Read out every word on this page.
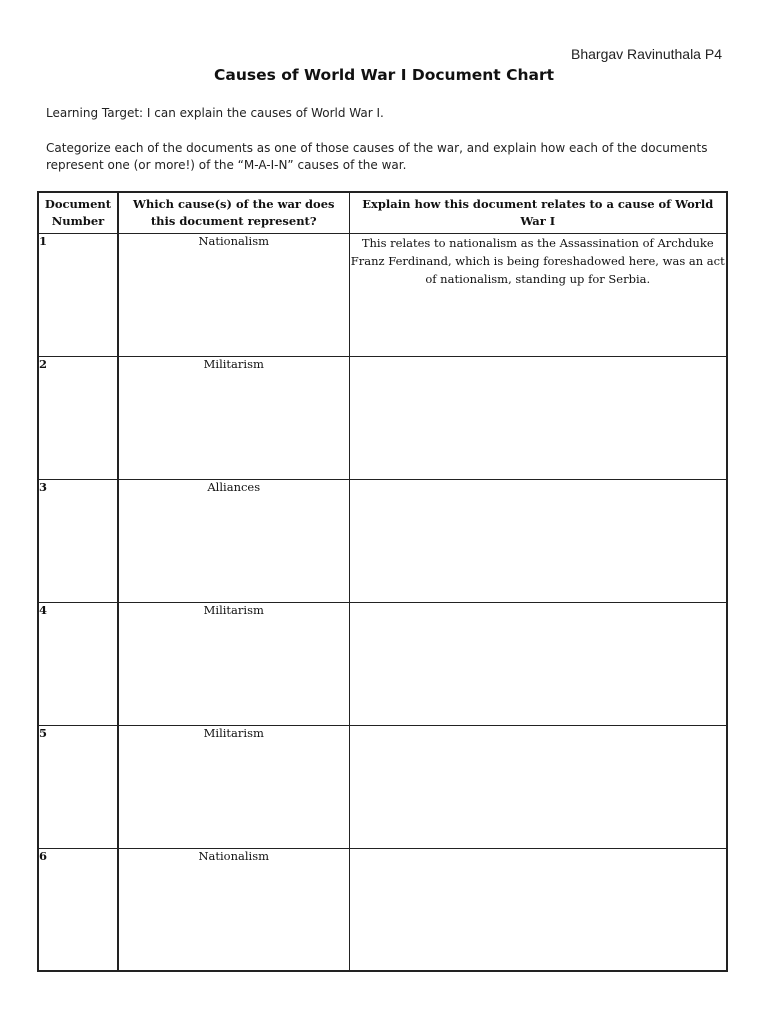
Bhargav Ravinuthala P4
Causes of World War I Document Chart
Learning Target: I can explain the causes of World War I.
Categorize each of the documents as one of those causes of the war, and explain how each of the documents represent one (or more!) of the “M-A-I-N” causes of the war.
Document Number	Which cause(s) of the war does this document represent?	Explain how this document relates to a cause of World War I
1	Nationalism	This relates to nationalism as the Assassination of Archduke Franz Ferdinand, which is being foreshadowed here, was an act of nationalism, standing up for Serbia.
2	Militarism	
3	Alliances	
4	Militarism	
5	Militarism	
6	Nationalism	
